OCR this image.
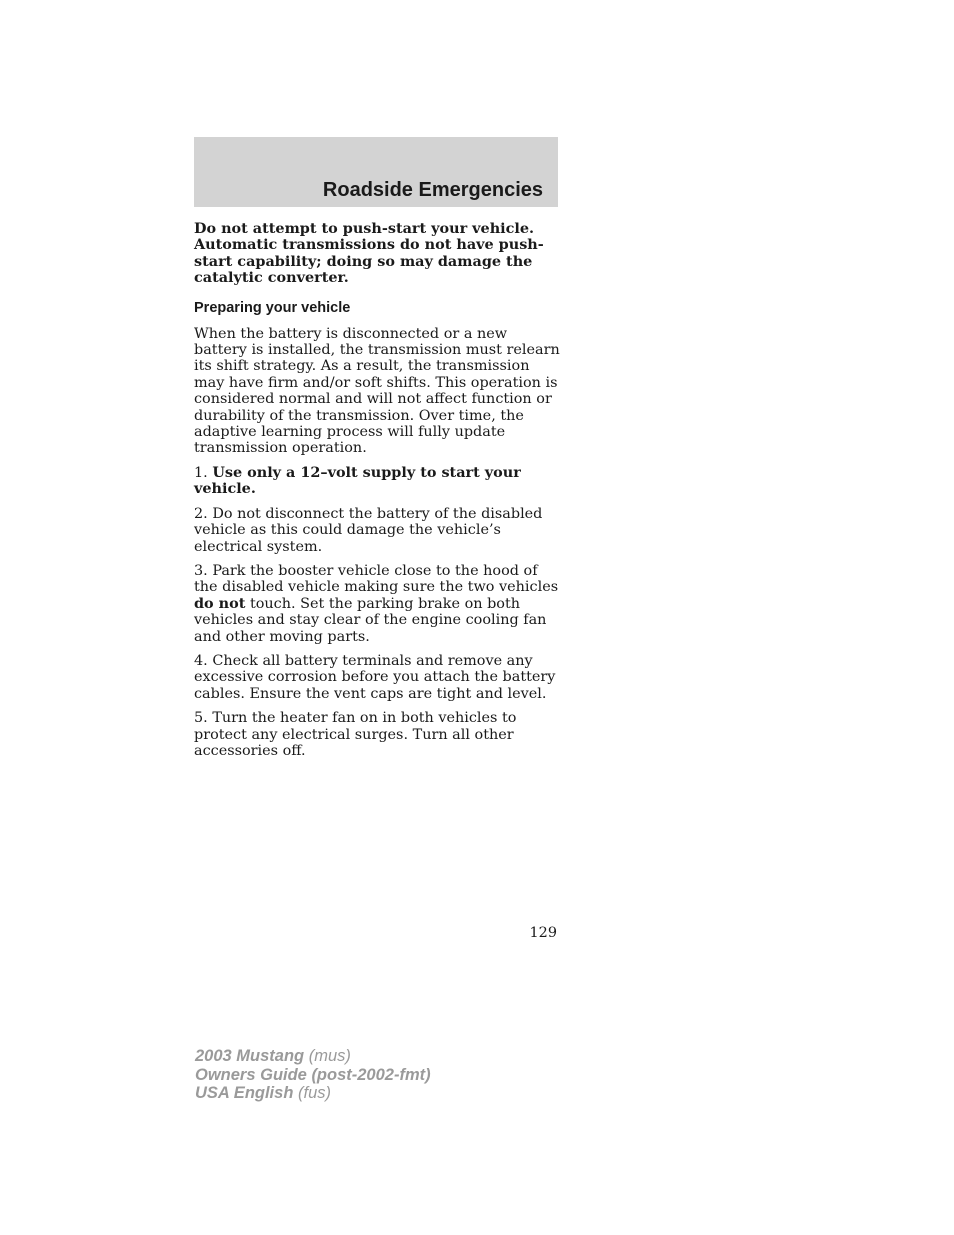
Roadside Emergencies

Do not attempt to push-start your vehicle. Automatic transmissions do not have push-start capability; doing so may damage the catalytic converter.

Preparing your vehicle

When the battery is disconnected or a new battery is installed, the transmission must relearn its shift strategy. As a result, the transmission may have firm and/or soft shifts. This operation is considered normal and will not affect function or durability of the transmission. Over time, the adaptive learning process will fully update transmission operation.

1. Use only a 12–volt supply to start your vehicle.

2. Do not disconnect the battery of the disabled vehicle as this could damage the vehicle’s electrical system.

3. Park the booster vehicle close to the hood of the disabled vehicle making sure the two vehicles do not touch. Set the parking brake on both vehicles and stay clear of the engine cooling fan and other moving parts.

4. Check all battery terminals and remove any excessive corrosion before you attach the battery cables. Ensure the vent caps are tight and level.

5. Turn the heater fan on in both vehicles to protect any electrical surges. Turn all other accessories off.

129
2003 Mustang (mus)
Owners Guide (post-2002-fmt)
USA English (fus)
